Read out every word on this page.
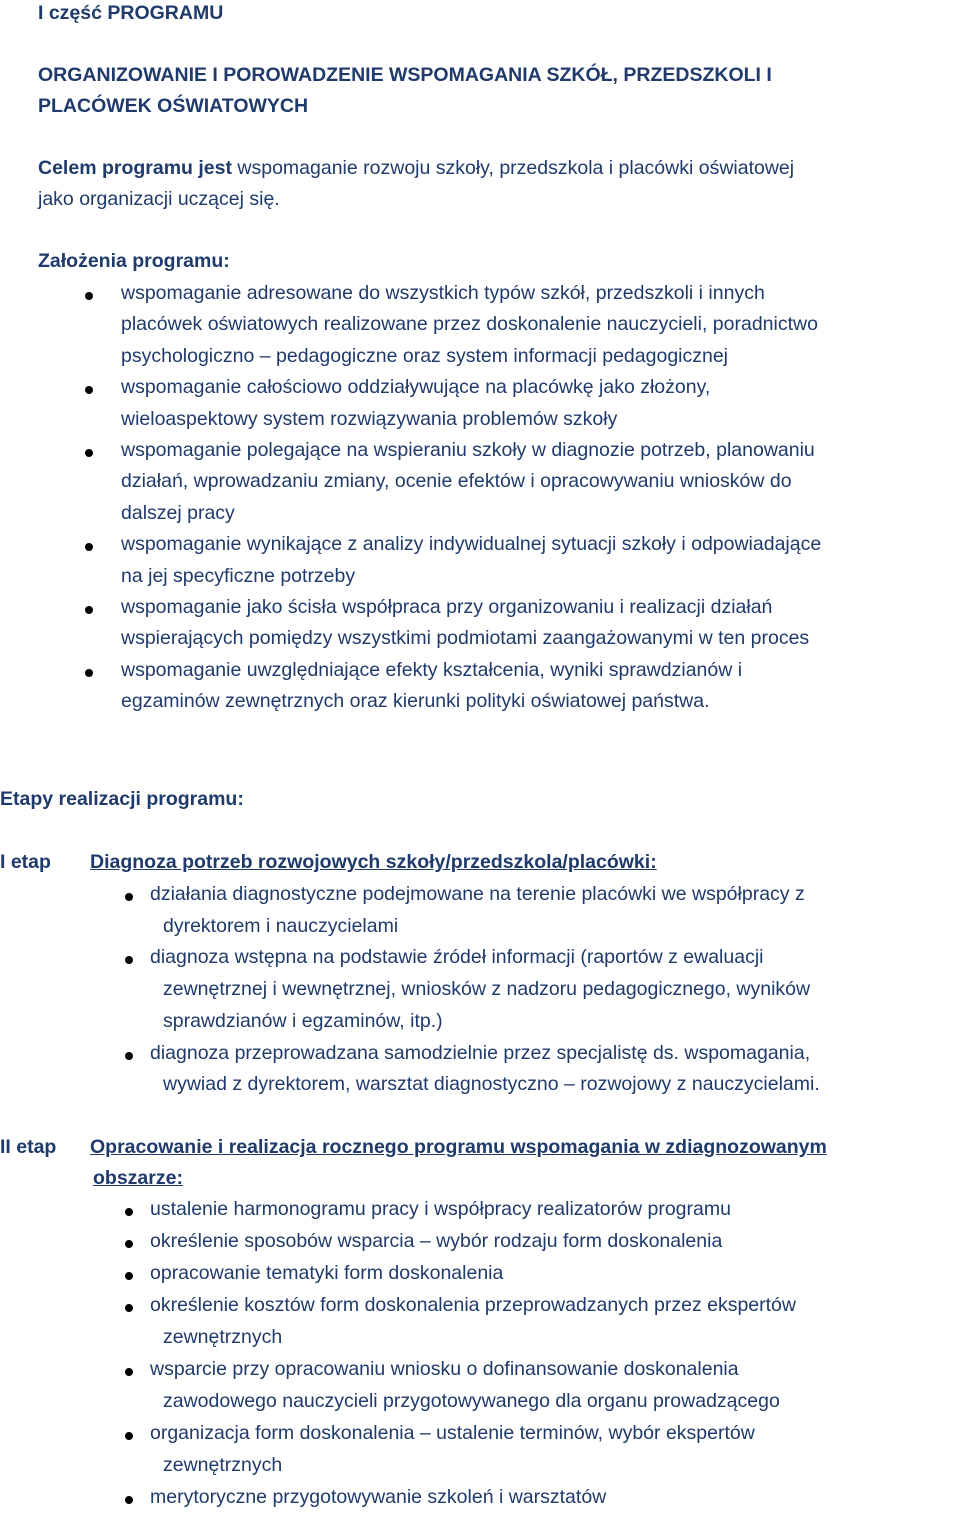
I część PROGRAMU
ORGANIZOWANIE I POROWADZENIE WSPOMAGANIA SZKÓŁ, PRZEDSZKOLI I
PLACÓWEK OŚWIATOWYCH
Celem programu jest wspomaganie rozwoju szkoły, przedszkola i placówki oświatowej
jako organizacji uczącej się.
Założenia programu:
wspomaganie adresowane do wszystkich typów szkół, przedszkoli i innych
placówek oświatowych realizowane przez doskonalenie nauczycieli, poradnictwo
psychologiczno – pedagogiczne oraz system informacji pedagogicznej
wspomaganie całościowo oddziaływujące na placówkę jako złożony,
wieloaspektowy system rozwiązywania problemów szkoły
wspomaganie polegające na wspieraniu szkoły w diagnozie potrzeb, planowaniu
działań, wprowadzaniu zmiany, ocenie efektów i opracowywaniu wniosków do
dalszej pracy
wspomaganie wynikające z analizy indywidualnej sytuacji szkoły i odpowiadające
na jej specyficzne potrzeby
wspomaganie jako ścisła współpraca przy organizowaniu i realizacji działań
wspierających pomiędzy wszystkimi podmiotami zaangażowanymi w ten proces
wspomaganie uwzględniające efekty kształcenia, wyniki sprawdzianów i
egzaminów zewnętrznych oraz kierunki polityki oświatowej państwa.
Etapy realizacji programu:
I etap Diagnoza potrzeb rozwojowych szkoły/przedszkola/placówki:
działania diagnostyczne podejmowane na terenie placówki we współpracy z
dyrektorem i nauczycielami
diagnoza wstępna na podstawie źródeł informacji (raportów z ewaluacji
zewnętrznej i wewnętrznej, wniosków z nadzoru pedagogicznego, wyników
sprawdzianów i egzaminów, itp.)
diagnoza przeprowadzana samodzielnie przez specjalistę ds. wspomagania,
wywiad z dyrektorem, warsztat diagnostyczno – rozwojowy z nauczycielami.
II etap Opracowanie i realizacja rocznego programu wspomagania w zdiagnozowanym
obszarze:
ustalenie harmonogramu pracy i współpracy realizatorów programu
określenie sposobów wsparcia – wybór rodzaju form doskonalenia
opracowanie tematyki form doskonalenia
określenie kosztów form doskonalenia przeprowadzanych przez ekspertów
zewnętrznych
wsparcie przy opracowaniu wniosku o dofinansowanie doskonalenia
zawodowego nauczycieli przygotowywanego dla organu prowadzącego
organizacja form doskonalenia – ustalenie terminów, wybór ekspertów
zewnętrznych
merytoryczne przygotowywanie szkoleń i warsztatów
